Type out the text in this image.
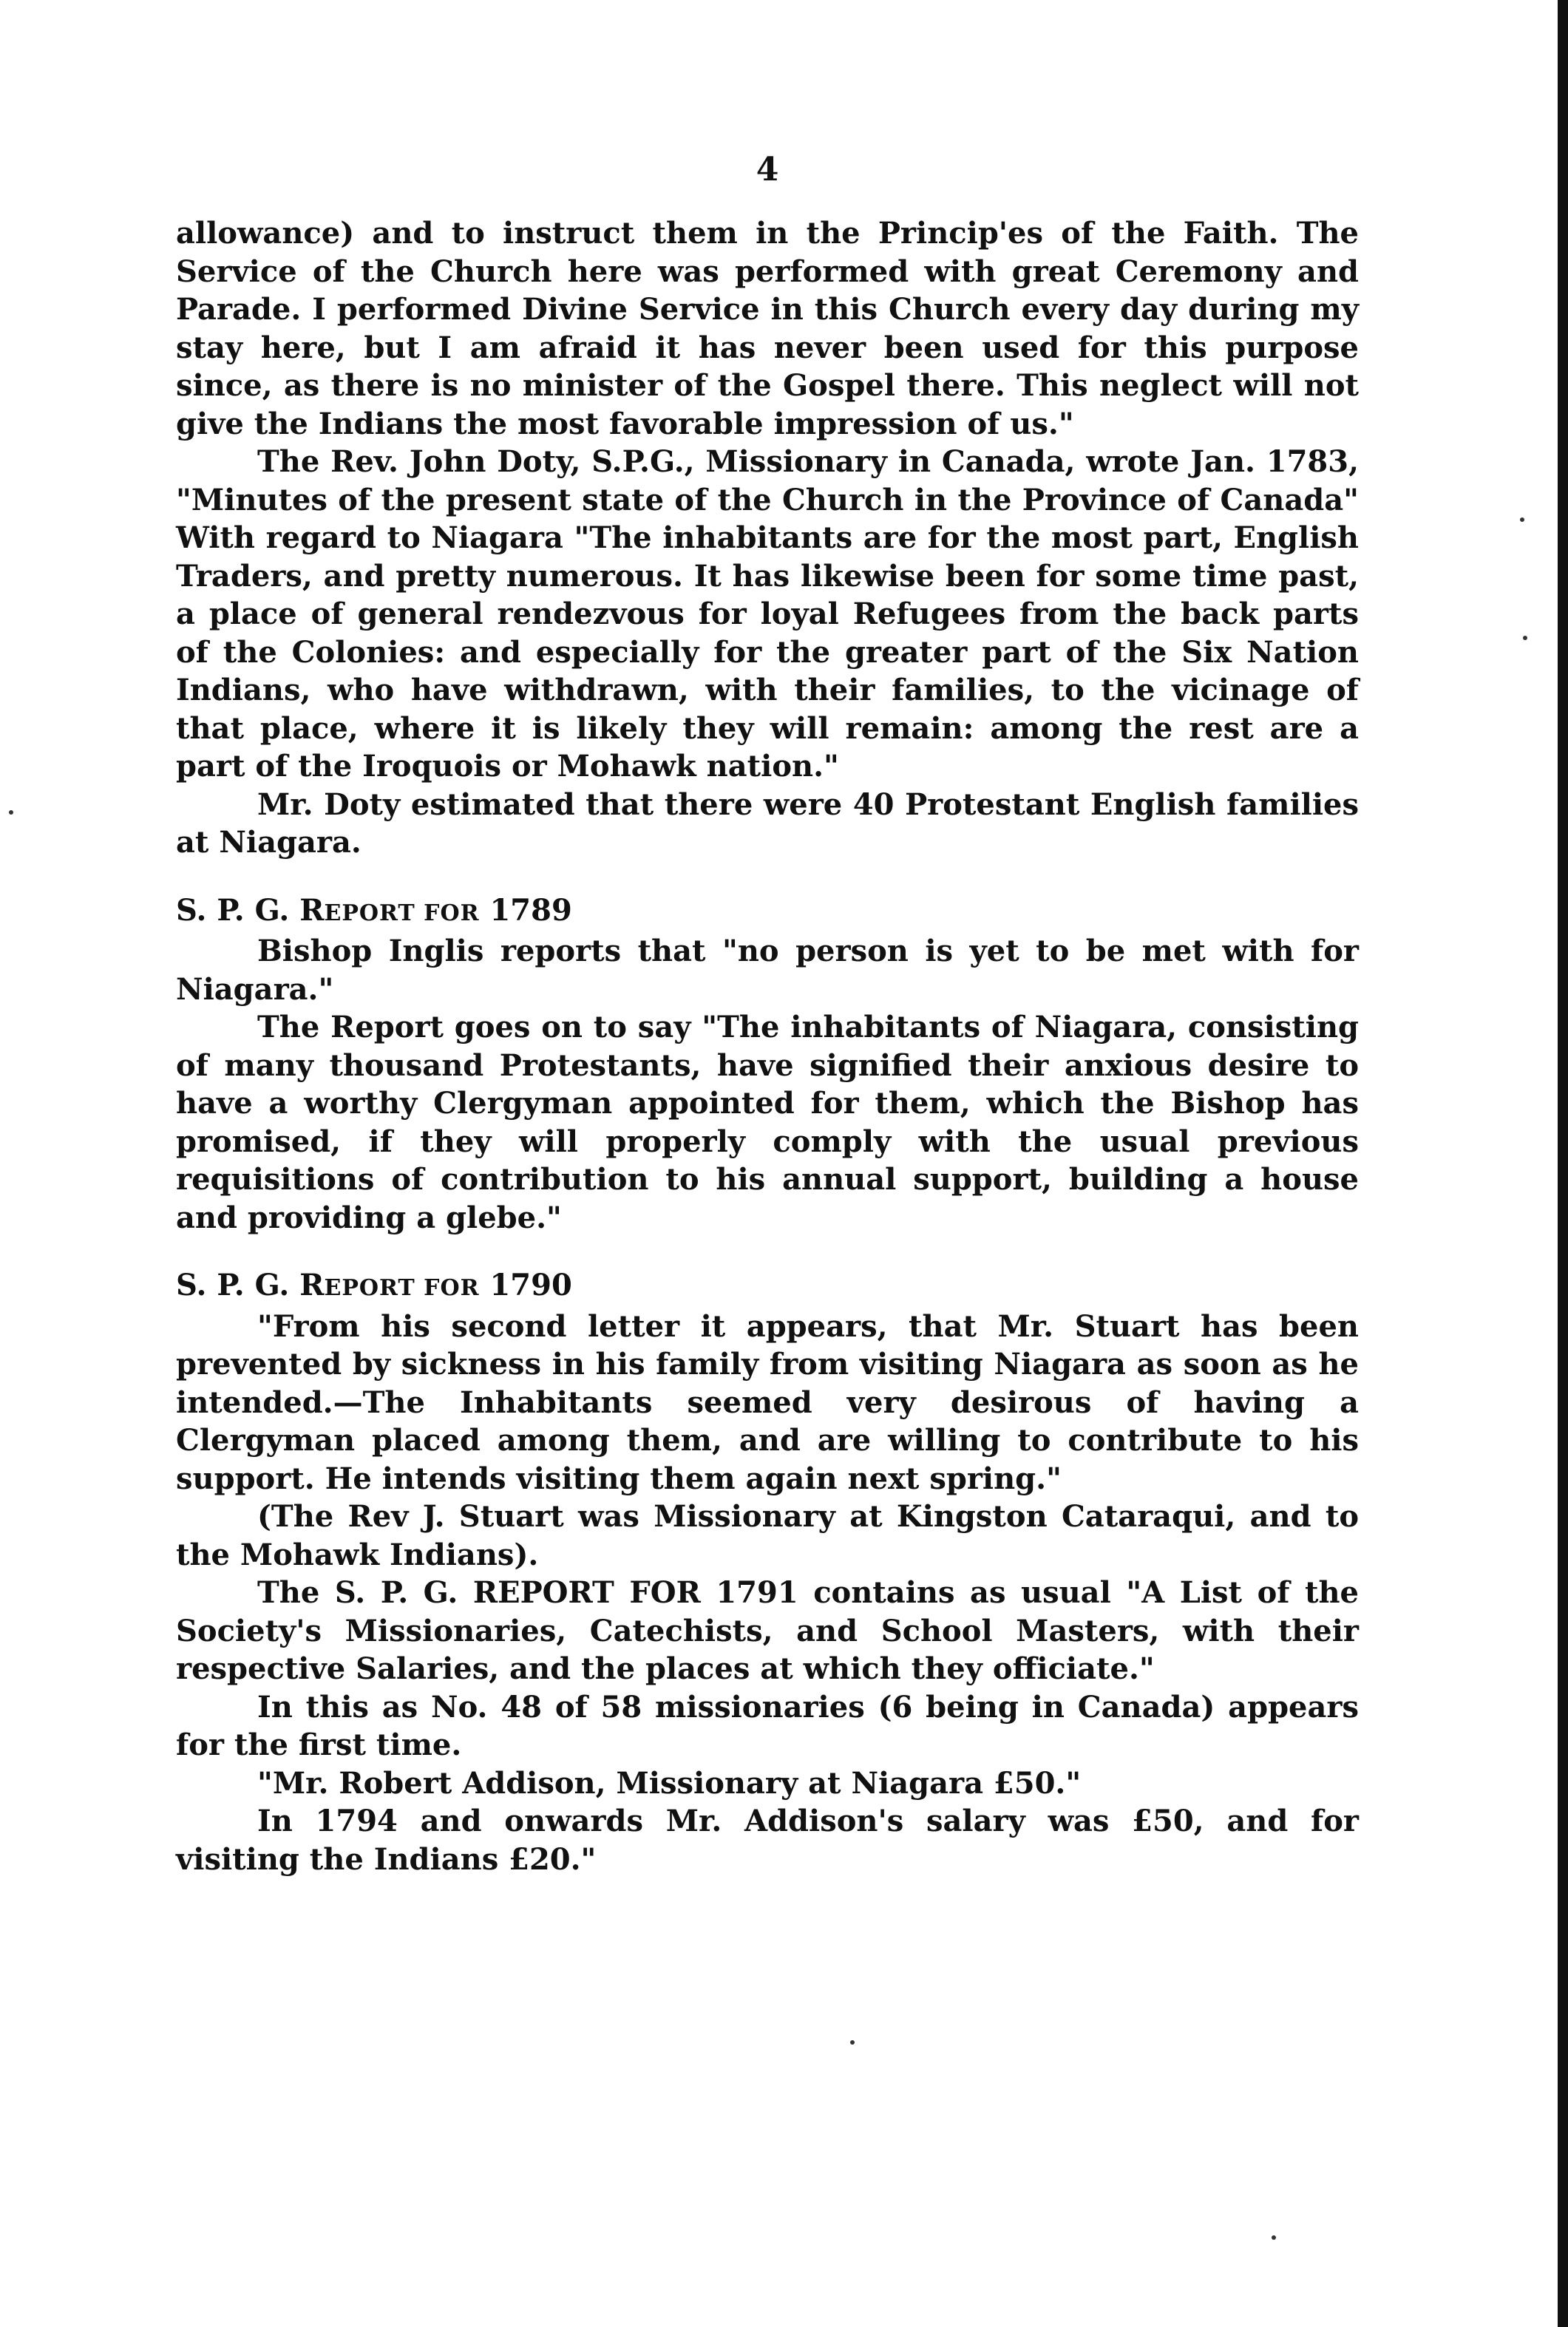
4

allowance) and to instruct them in the Princip'es of the Faith. The Service of the Church here was performed with great Ceremony and Parade. I performed Divine Service in this Church every day during my stay here, but I am afraid it has never been used for this purpose since, as there is no minister of the Gospel there. This neglect will not give the Indians the most favorable impression of us."

The Rev. John Doty, S.P.G., Missionary in Canada, wrote Jan. 1783, "Minutes of the present state of the Church in the Province of Canada" With regard to Niagara "The inhabitants are for the most part, English Traders, and pretty numerous. It has likewise been for some time past, a place of general rendezvous for loyal Refugees from the back parts of the Colonies: and especially for the greater part of the Six Nation Indians, who have withdrawn, with their families, to the vicinage of that place, where it is likely they will remain: among the rest are a part of the Iroquois or Mohawk nation."

Mr. Doty estimated that there were 40 Protestant English families at Niagara.

S. P. G. REPORT FOR 1789

Bishop Inglis reports that "no person is yet to be met with for Niagara."

The Report goes on to say "The inhabitants of Niagara, consisting of many thousand Protestants, have signified their anxious desire to have a worthy Clergyman appointed for them, which the Bishop has promised, if they will properly comply with the usual previous requisitions of contribution to his annual support, building a house and providing a glebe."

S. P. G. REPORT FOR 1790

"From his second letter it appears, that Mr. Stuart has been prevented by sickness in his family from visiting Niagara as soon as he intended.—The Inhabitants seemed very desirous of having a Clergyman placed among them, and are willing to contribute to his support. He intends visiting them again next spring."

(The Rev J. Stuart was Missionary at Kingston Cataraqui, and to the Mohawk Indians).

The S. P. G. REPORT FOR 1791 contains as usual "A List of the Society's Missionaries, Catechists, and School Masters, with their respective Salaries, and the places at which they officiate."

In this as No. 48 of 58 missionaries (6 being in Canada) appears for the first time.

"Mr. Robert Addison, Missionary at Niagara £50."

In 1794 and onwards Mr. Addison's salary was £50, and for visiting the Indians £20."
